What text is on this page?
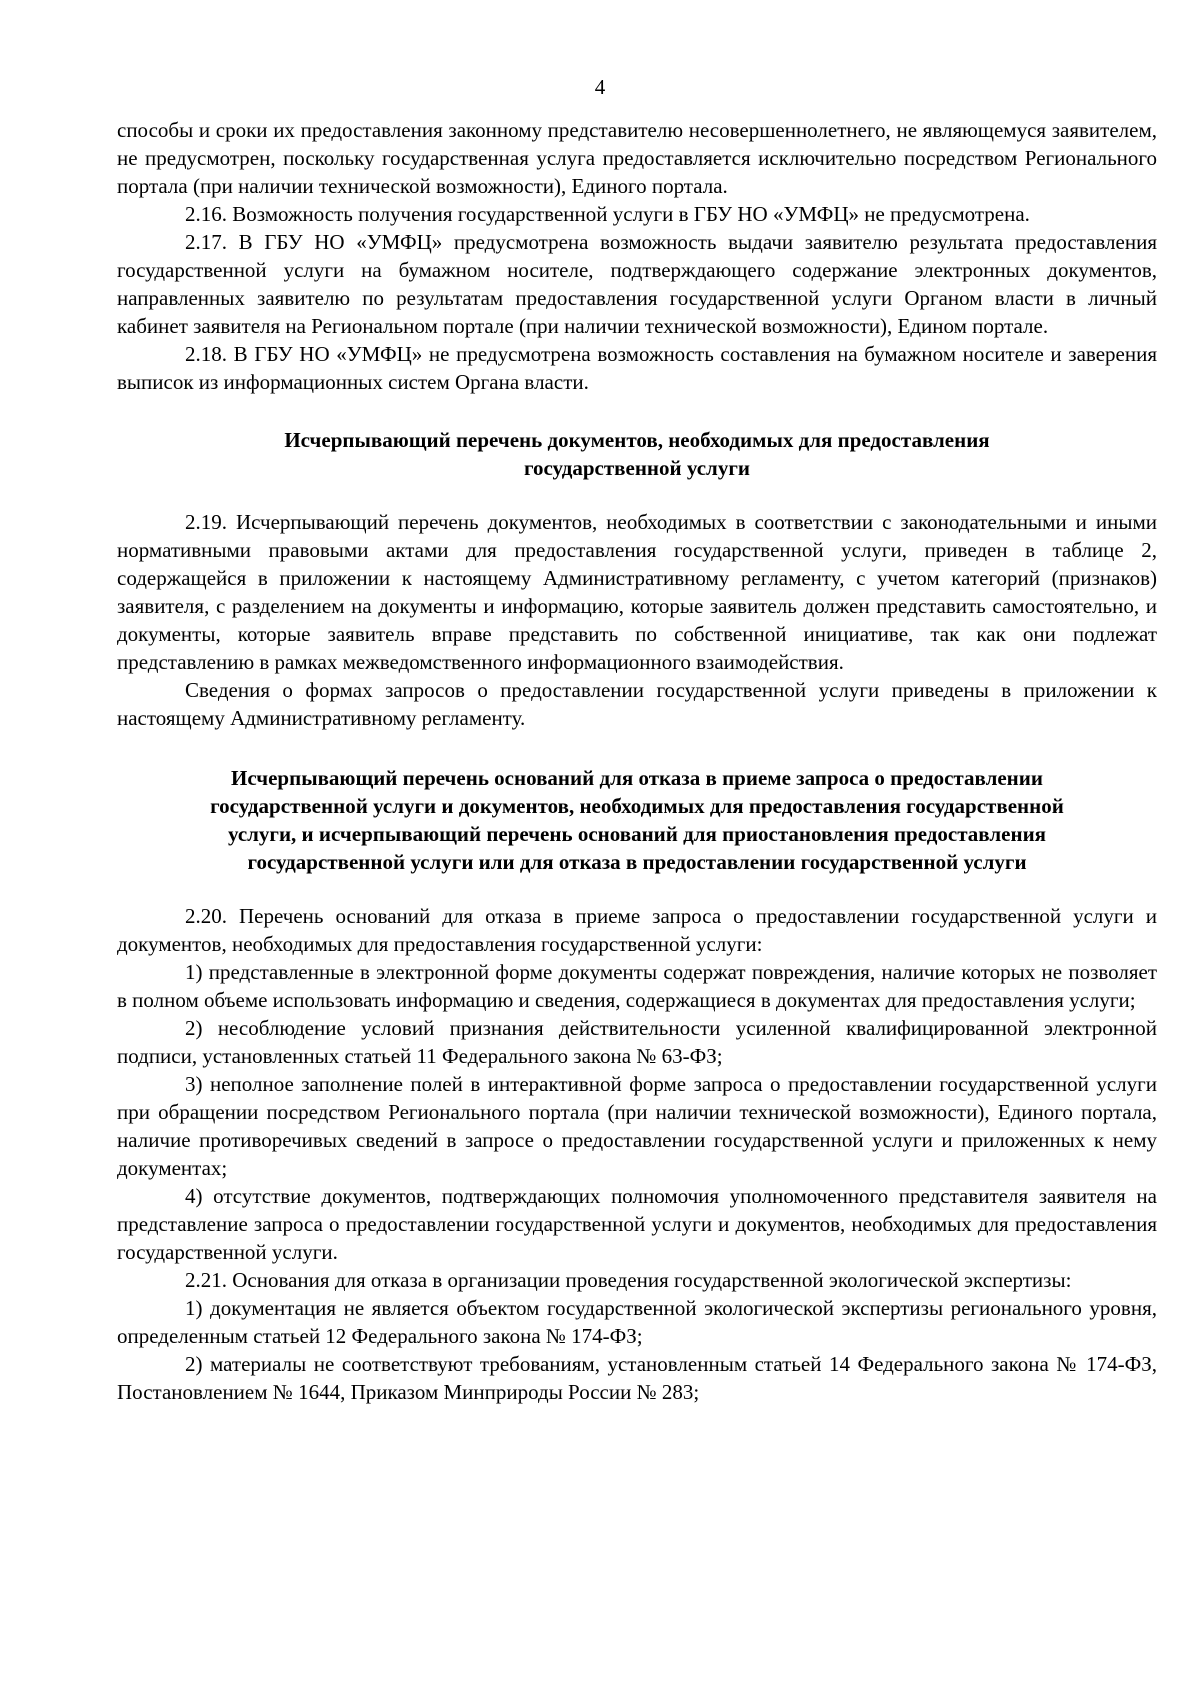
4

способы и сроки их предоставления законному представителю несовершеннолетнего, не являющемуся заявителем, не предусмотрен, поскольку государственная услуга предоставляется исключительно посредством Регионального портала (при наличии технической возможности), Единого портала.

2.16. Возможность получения государственной услуги в ГБУ НО «УМФЦ» не предусмотрена.

2.17. В ГБУ НО «УМФЦ» предусмотрена возможность выдачи заявителю результата предоставления государственной услуги на бумажном носителе, подтверждающего содержание электронных документов, направленных заявителю по результатам предоставления государственной услуги Органом власти в личный кабинет заявителя на Региональном портале (при наличии технической возможности), Едином портале.

2.18. В ГБУ НО «УМФЦ» не предусмотрена возможность составления на бумажном носителе и заверения выписок из информационных систем Органа власти.

Исчерпывающий перечень документов, необходимых для предоставления
государственной услуги

2.19. Исчерпывающий перечень документов, необходимых в соответствии с законодательными и иными нормативными правовыми актами для предоставления государственной услуги, приведен в таблице 2, содержащейся в приложении к настоящему Административному регламенту, с учетом категорий (признаков) заявителя, с разделением на документы и информацию, которые заявитель должен представить самостоятельно, и документы, которые заявитель вправе представить по собственной инициативе, так как они подлежат представлению в рамках межведомственного информационного взаимодействия.

Сведения о формах запросов о предоставлении государственной услуги приведены в приложении к настоящему Административному регламенту.

Исчерпывающий перечень оснований для отказа в приеме запроса о предоставлении
государственной услуги и документов, необходимых для предоставления государственной
услуги, и исчерпывающий перечень оснований для приостановления предоставления
государственной услуги или для отказа в предоставлении государственной услуги

2.20. Перечень оснований для отказа в приеме запроса о предоставлении государственной услуги и документов, необходимых для предоставления государственной услуги:

1) представленные в электронной форме документы содержат повреждения, наличие которых не позволяет в полном объеме использовать информацию и сведения, содержащиеся в документах для предоставления услуги;

2) несоблюдение условий признания действительности усиленной квалифицированной электронной подписи, установленных статьей 11 Федерального закона № 63-ФЗ;

3) неполное заполнение полей в интерактивной форме запроса о предоставлении государственной услуги при обращении посредством Регионального портала (при наличии технической возможности), Единого портала, наличие противоречивых сведений в запросе о предоставлении государственной услуги и приложенных к нему документах;

4) отсутствие документов, подтверждающих полномочия уполномоченного представителя заявителя на представление запроса о предоставлении государственной услуги и документов, необходимых для предоставления государственной услуги.

2.21. Основания для отказа в организации проведения государственной экологической экспертизы:

1) документация не является объектом государственной экологической экспертизы регионального уровня, определенным статьей 12 Федерального закона № 174-ФЗ;

2) материалы не соответствуют требованиям, установленным статьей 14 Федерального закона № 174-ФЗ, Постановлением № 1644, Приказом Минприроды России № 283;
